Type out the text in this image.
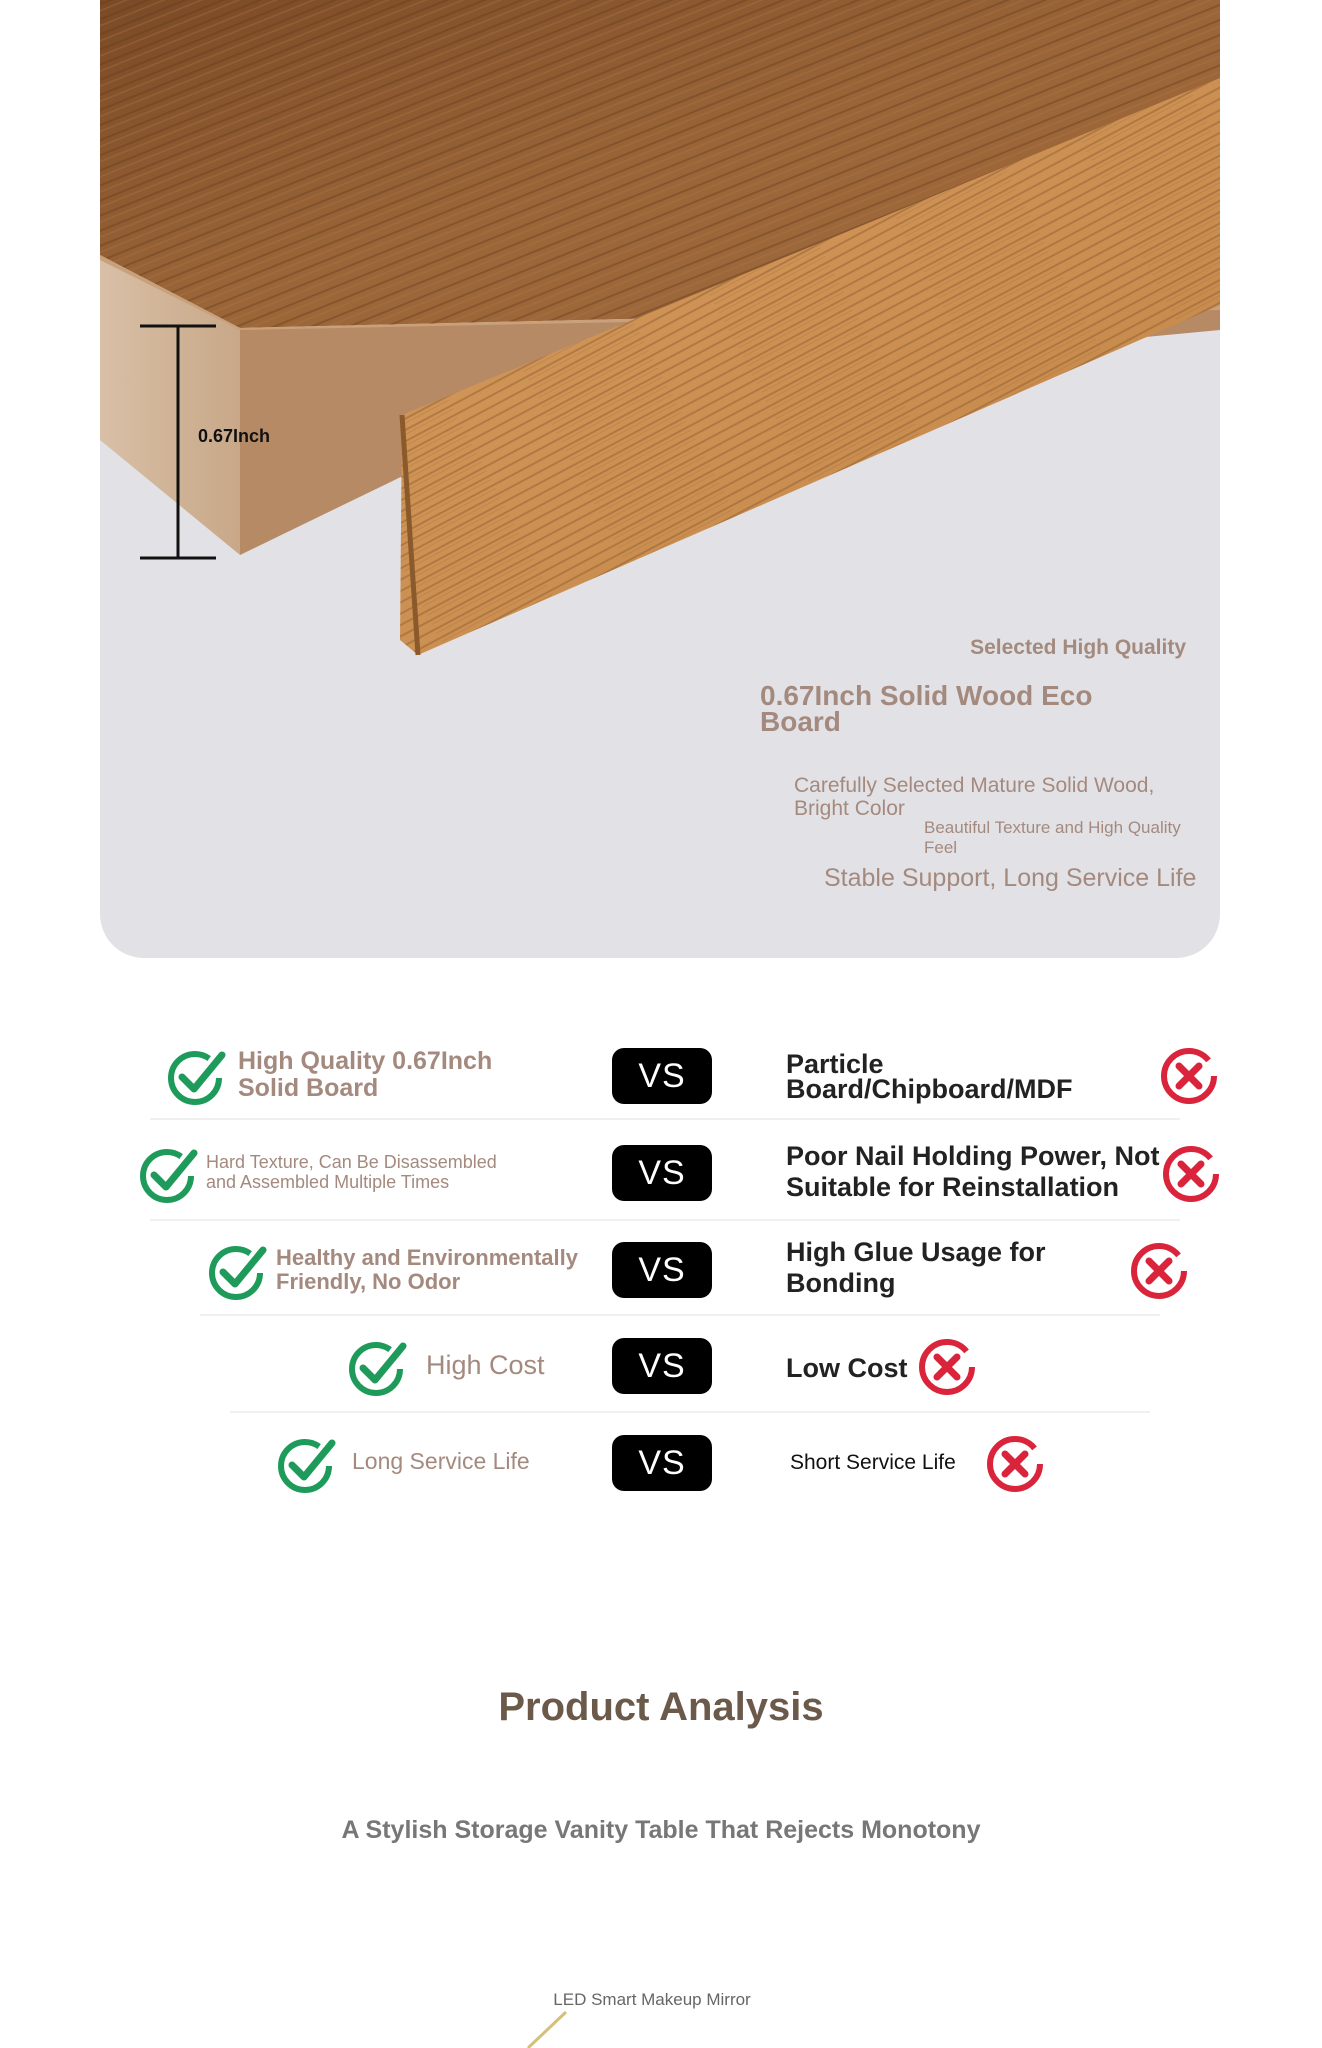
0.67Inch
Selected High Quality
0.67Inch Solid Wood Eco Board
Carefully Selected Mature Solid Wood, Bright Color
Beautiful Texture and High Quality Feel
Stable Support, Long Service Life
High Quality 0.67Inch Solid Board	VS	Particle Board/Chipboard/MDF
Hard Texture, Can Be Disassembled and Assembled Multiple Times	VS	Poor Nail Holding Power, Not Suitable for Reinstallation
Healthy and Environmentally Friendly, No Odor	VS	High Glue Usage for Bonding
High Cost	VS	Low Cost
Long Service Life	VS	Short Service Life
Product Analysis
A Stylish Storage Vanity Table That Rejects Monotony
LED Smart Makeup Mirror
